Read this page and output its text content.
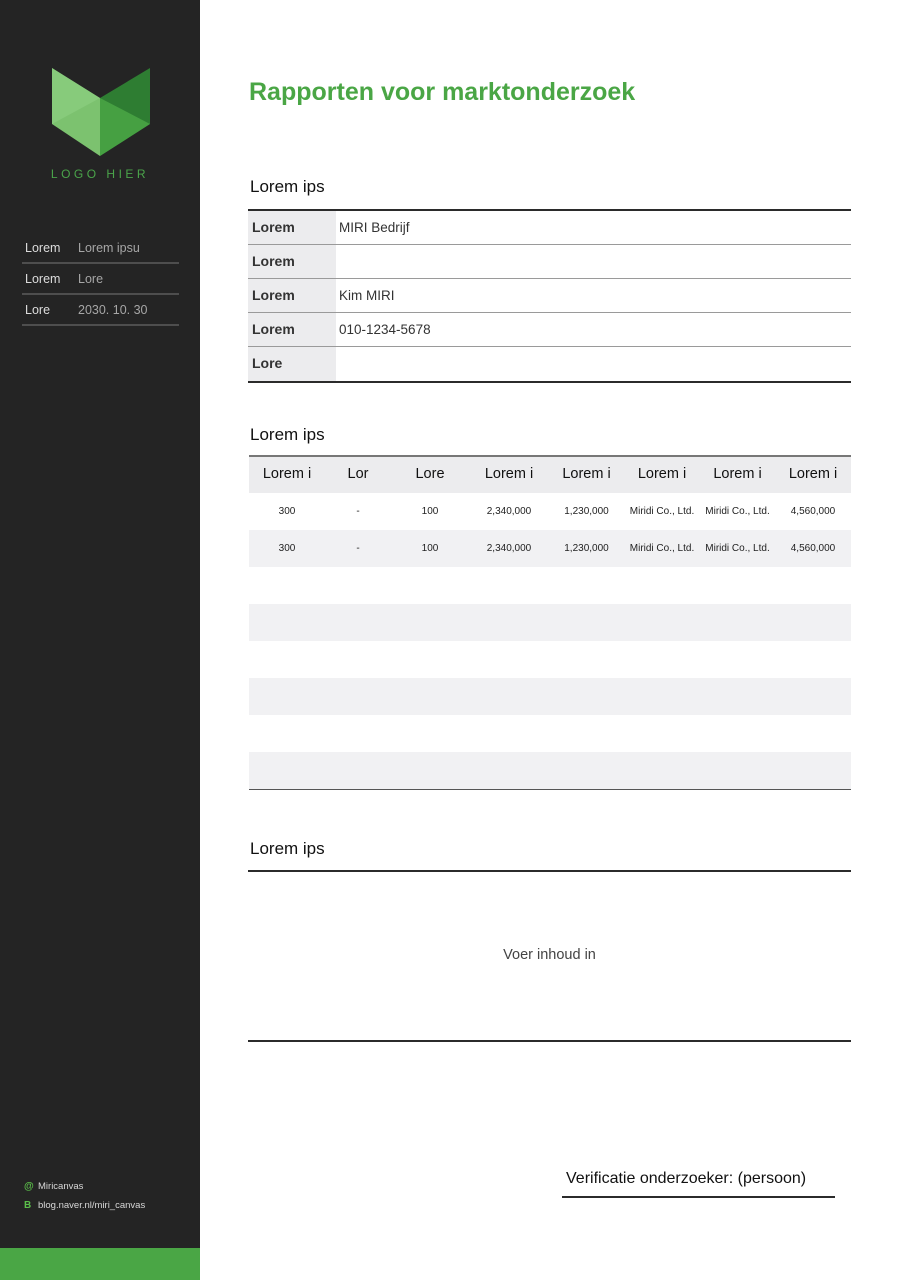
LOGO HIER
Lorem	Lorem ipsu
Lorem	Lore
Lore	2030. 10. 30
@ Miricanvas
B blog.naver.nl/miri_canvas
Rapporten voor marktonderzoek
Lorem ips
Lorem	MIRI Bedrijf
Lorem
Lorem	Kim MIRI
Lorem	010-1234-5678
Lore
Lorem ips
Lorem i	Lor	Lore	Lorem i	Lorem i	Lorem i	Lorem i	Lorem i
300	-	100	2,340,000	1,230,000	Miridi Co., Ltd.	Miridi Co., Ltd.	4,560,000
300	-	100	2,340,000	1,230,000	Miridi Co., Ltd.	Miridi Co., Ltd.	4,560,000
Lorem ips
Voer inhoud in
Verificatie onderzoeker: (persoon)
